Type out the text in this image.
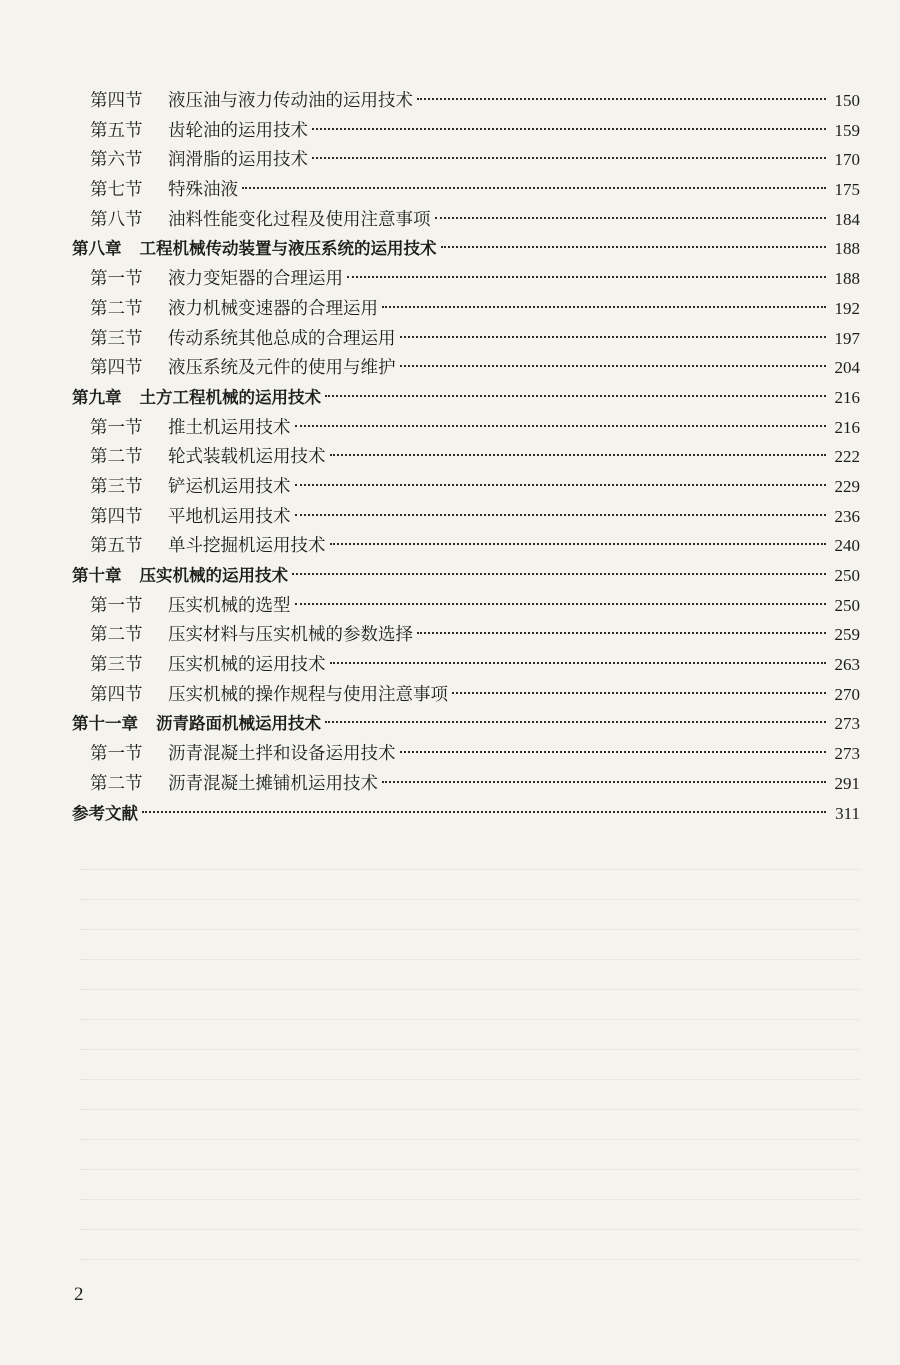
第四节	液压油与液力传动油的运用技术	150
第五节	齿轮油的运用技术	159
第六节	润滑脂的运用技术	170
第七节	特殊油液	175
第八节	油料性能变化过程及使用注意事项	184
第八章 工程机械传动装置与液压系统的运用技术	188
第一节	液力变矩器的合理运用	188
第二节	液力机械变速器的合理运用	192
第三节	传动系统其他总成的合理运用	197
第四节	液压系统及元件的使用与维护	204
第九章 土方工程机械的运用技术	216
第一节	推土机运用技术	216
第二节	轮式装载机运用技术	222
第三节	铲运机运用技术	229
第四节	平地机运用技术	236
第五节	单斗挖掘机运用技术	240
第十章 压实机械的运用技术	250
第一节	压实机械的选型	250
第二节	压实材料与压实机械的参数选择	259
第三节	压实机械的运用技术	263
第四节	压实机械的操作规程与使用注意事项	270
第十一章 沥青路面机械运用技术	273
第一节	沥青混凝土拌和设备运用技术	273
第二节	沥青混凝土摊铺机运用技术	291
参考文献	311
2
